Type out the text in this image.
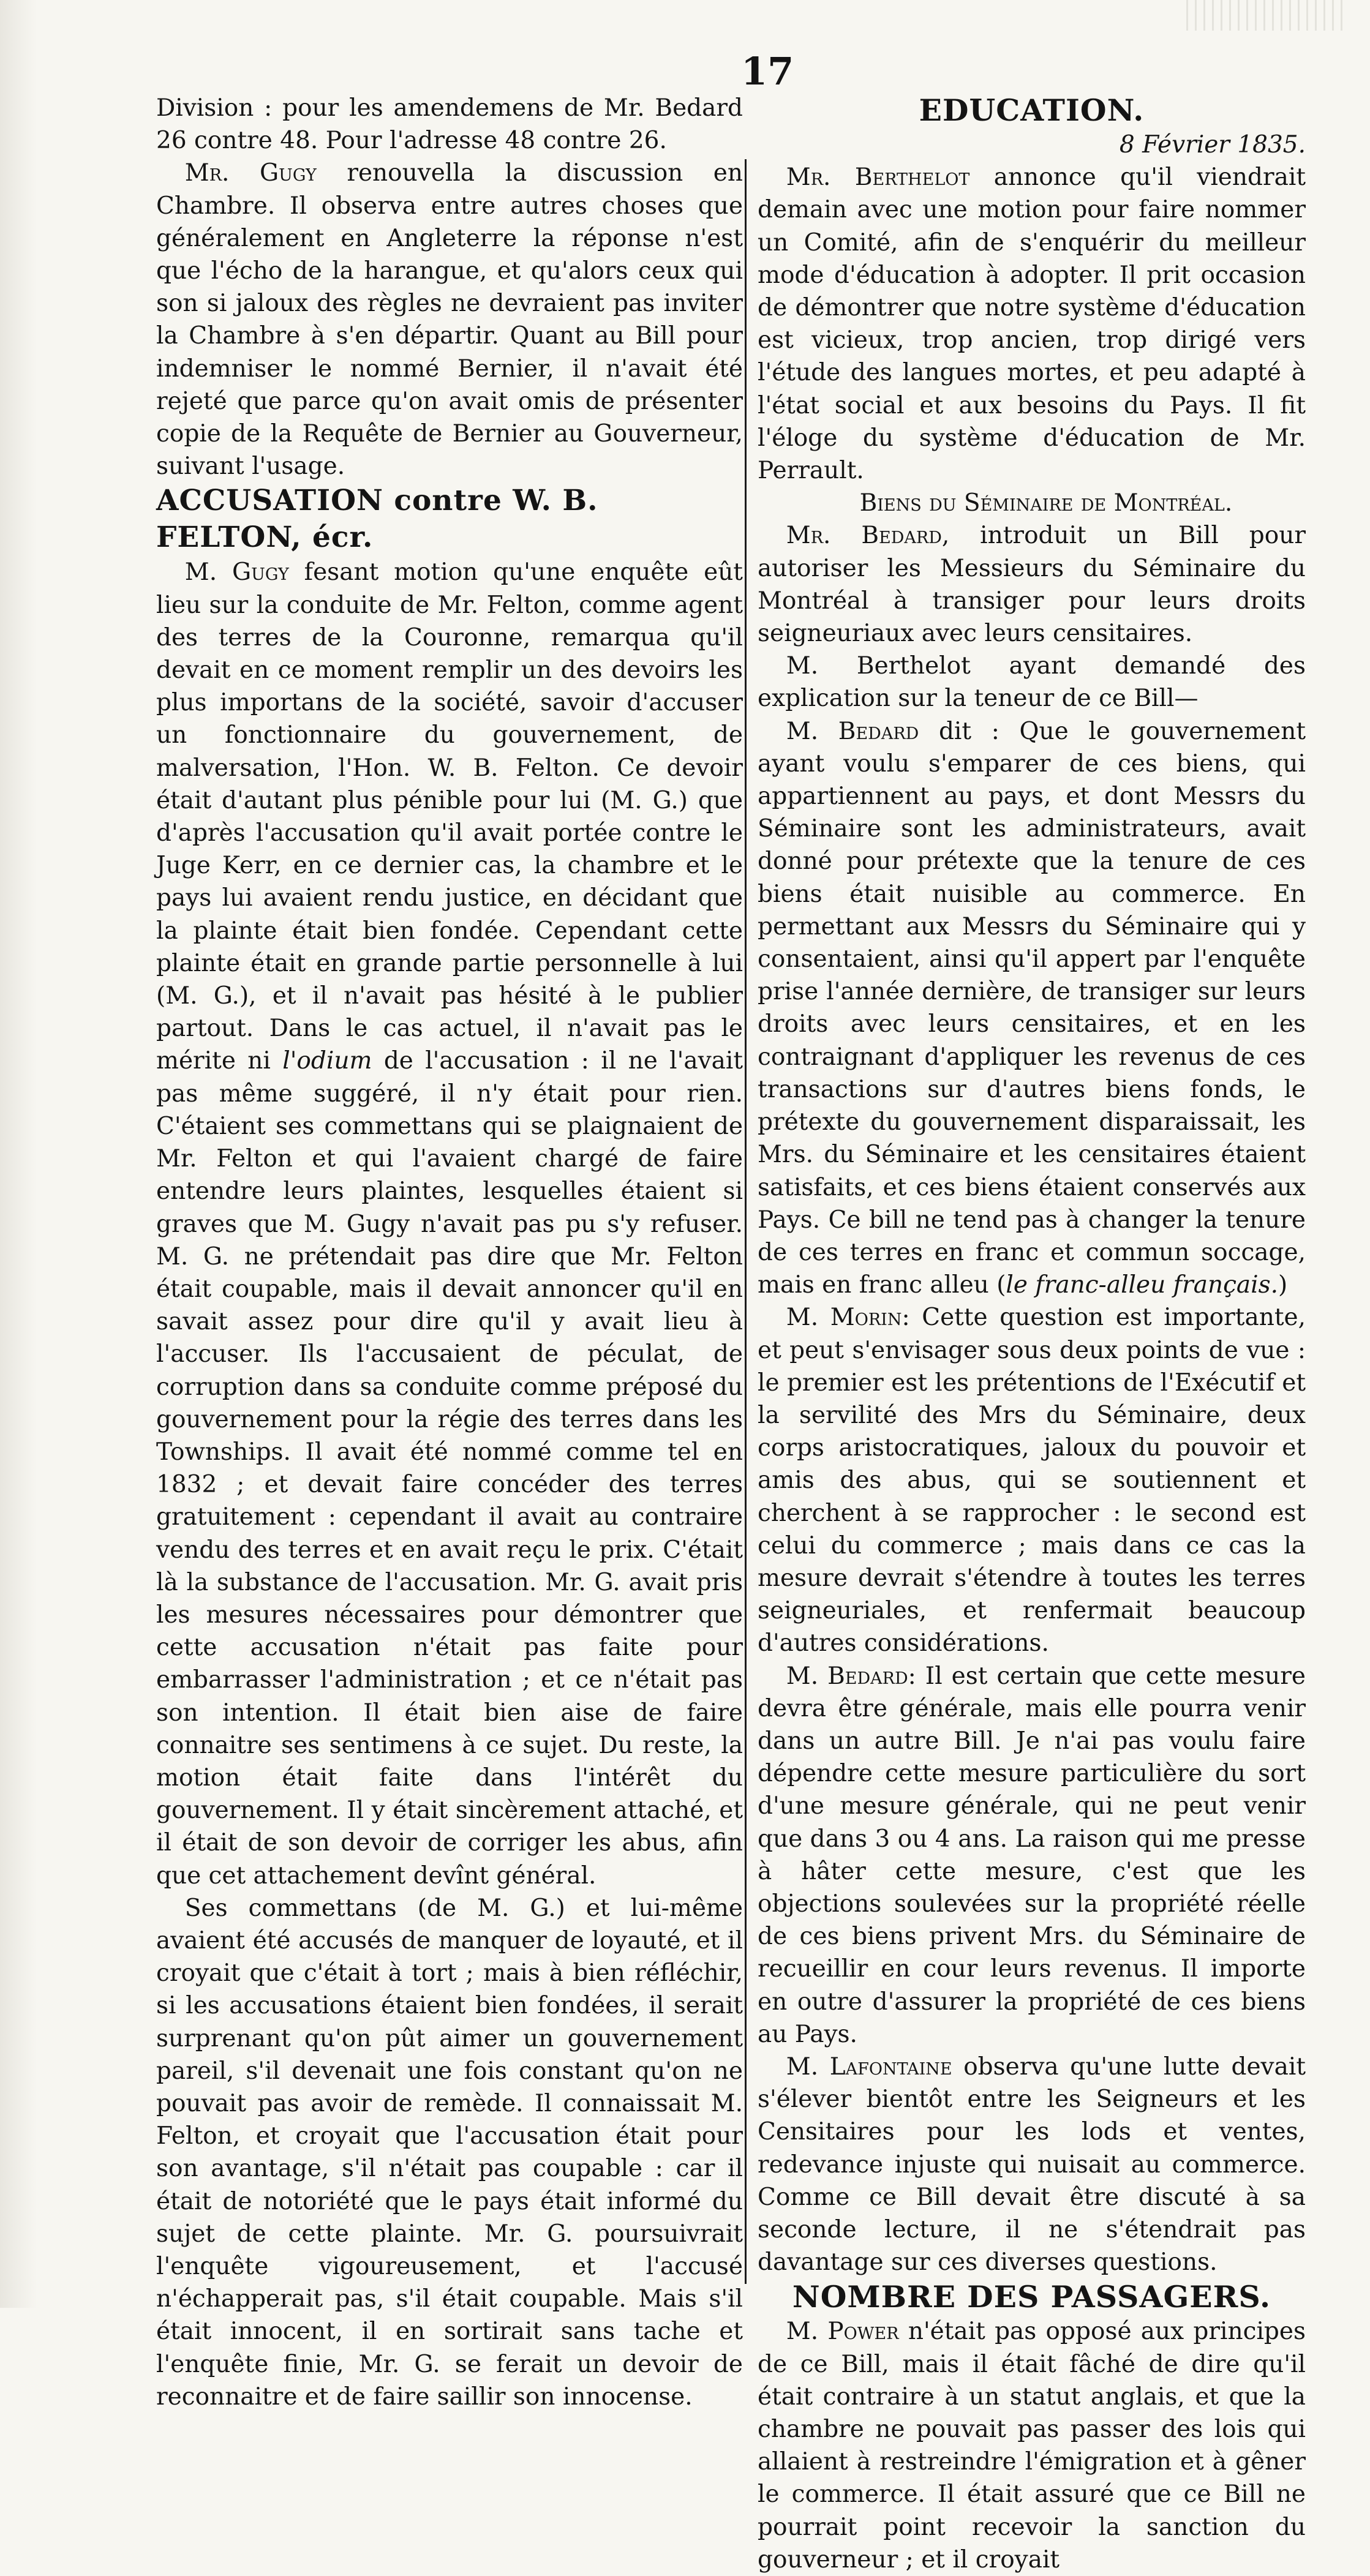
17

Division : pour les amendemens de Mr. Bedard 26 contre 48. Pour l'adresse 48 contre 26.

Mr. Gugy renouvella la discussion en Chambre. Il observa entre autres choses que généralement en Angleterre la réponse n'est que l'écho de la harangue, et qu'alors ceux qui son si jaloux des règles ne devraient pas inviter la Chambre à s'en départir. Quant au Bill pour indemniser le nommé Bernier, il n'avait été rejeté que parce qu'on avait omis de présenter copie de la Requête de Bernier au Gouverneur, suivant l'usage.

ACCUSATION contre W. B. FELTON, écr.

M. Gugy fesant motion qu'une enquête eût lieu sur la conduite de Mr. Felton, comme agent des terres de la Couronne, remarqua qu'il devait en ce moment remplir un des devoirs les plus importans de la société, savoir d'accuser un fonctionnaire du gouvernement, de malversation, l'Hon. W. B. Felton. Ce devoir était d'autant plus pénible pour lui (M. G.) que d'après l'accusation qu'il avait portée contre le Juge Kerr, en ce dernier cas, la chambre et le pays lui avaient rendu justice, en décidant que la plainte était bien fondée. Cependant cette plainte était en grande partie personnelle à lui (M. G.), et il n'avait pas hésité à le publier partout. Dans le cas actuel, il n'avait pas le mérite ni l'odium de l'accusation : il ne l'avait pas même suggéré, il n'y était pour rien. C'étaient ses commettans qui se plaignaient de Mr. Felton et qui l'avaient chargé de faire entendre leurs plaintes, lesquelles étaient si graves que M. Gugy n'avait pas pu s'y refuser. M. G. ne prétendait pas dire que Mr. Felton était coupable, mais il devait annoncer qu'il en savait assez pour dire qu'il y avait lieu à l'accuser. Ils l'accusaient de péculat, de corruption dans sa conduite comme préposé du gouvernement pour la régie des terres dans les Townships. Il avait été nommé comme tel en 1832 ; et devait faire concéder des terres gratuitement : cependant il avait au contraire vendu des terres et en avait reçu le prix. C'était là la substance de l'accusation. Mr. G. avait pris les mesures nécessaires pour démontrer que cette accusation n'était pas faite pour embarrasser l'administration ; et ce n'était pas son intention. Il était bien aise de faire connaitre ses sentimens à ce sujet. Du reste, la motion était faite dans l'intérêt du gouvernement. Il y était sincèrement attaché, et il était de son devoir de corriger les abus, afin que cet attachement devînt général.

Ses commettans (de M. G.) et lui-même avaient été accusés de manquer de loyauté, et il croyait que c'était à tort ; mais à bien réfléchir, si les accusations étaient bien fondées, il serait surprenant qu'on pût aimer un gouvernement pareil, s'il devenait une fois constant qu'on ne pouvait pas avoir de remède. Il connaissait M. Felton, et croyait que l'accusation était pour son avantage, s'il n'était pas coupable : car il était de notoriété que le pays était informé du sujet de cette plainte. Mr. G. poursuivrait l'enquête vigoureusement, et l'accusé n'échapperait pas, s'il était coupable. Mais s'il était innocent, il en sortirait sans tache et l'enquête finie, Mr. G. se ferait un devoir de reconnaitre et de faire saillir son innocense.

EDUCATION.

8 Février 1835.

Mr. Berthelot annonce qu'il viendrait demain avec une motion pour faire nommer un Comité, afin de s'enquérir du meilleur mode d'éducation à adopter. Il prit occasion de démontrer que notre système d'éducation est vicieux, trop ancien, trop dirigé vers l'étude des langues mortes, et peu adapté à l'état social et aux besoins du Pays. Il fit l'éloge du système d'éducation de Mr. Perrault.

Biens du Séminaire de Montréal.

Mr. Bedard, introduit un Bill pour autoriser les Messieurs du Séminaire du Montréal à transiger pour leurs droits seigneuriaux avec leurs censitaires.

M. Berthelot ayant demandé des explication sur la teneur de ce Bill—

M. Bedard dit : Que le gouvernement ayant voulu s'emparer de ces biens, qui appartiennent au pays, et dont Messrs du Séminaire sont les administrateurs, avait donné pour prétexte que la tenure de ces biens était nuisible au commerce. En permettant aux Messrs du Séminaire qui y consentaient, ainsi qu'il appert par l'enquête prise l'année dernière, de transiger sur leurs droits avec leurs censitaires, et en les contraignant d'appliquer les revenus de ces transactions sur d'autres biens fonds, le prétexte du gouvernement disparaissait, les Mrs. du Séminaire et les censitaires étaient satisfaits, et ces biens étaient conservés aux Pays. Ce bill ne tend pas à changer la tenure de ces terres en franc et commun soccage, mais en franc alleu (le franc-alleu français.)

M. Morin: Cette question est importante, et peut s'envisager sous deux points de vue : le premier est les prétentions de l'Exécutif et la servilité des Mrs du Séminaire, deux corps aristocratiques, jaloux du pouvoir et amis des abus, qui se soutiennent et cherchent à se rapprocher : le second est celui du commerce ; mais dans ce cas la mesure devrait s'étendre à toutes les terres seigneuriales, et renfermait beaucoup d'autres considérations.

M. Bedard: Il est certain que cette mesure devra être générale, mais elle pourra venir dans un autre Bill. Je n'ai pas voulu faire dépendre cette mesure particulière du sort d'une mesure générale, qui ne peut venir que dans 3 ou 4 ans. La raison qui me presse à hâter cette mesure, c'est que les objections soulevées sur la propriété réelle de ces biens privent Mrs. du Séminaire de recueillir en cour leurs revenus. Il importe en outre d'assurer la propriété de ces biens au Pays.

M. Lafontaine observa qu'une lutte devait s'élever bientôt entre les Seigneurs et les Censitaires pour les lods et ventes, redevance injuste qui nuisait au commerce. Comme ce Bill devait être discuté à sa seconde lecture, il ne s'étendrait pas davantage sur ces diverses questions.

NOMBRE DES PASSAGERS.

M. Power n'était pas opposé aux principes de ce Bill, mais il était fâché de dire qu'il était contraire à un statut anglais, et que la chambre ne pouvait pas passer des lois qui allaient à restreindre l'émigration et à gêner le commerce. Il était assuré que ce Bill ne pourrait point recevoir la sanction du gouverneur ; et il croyait
